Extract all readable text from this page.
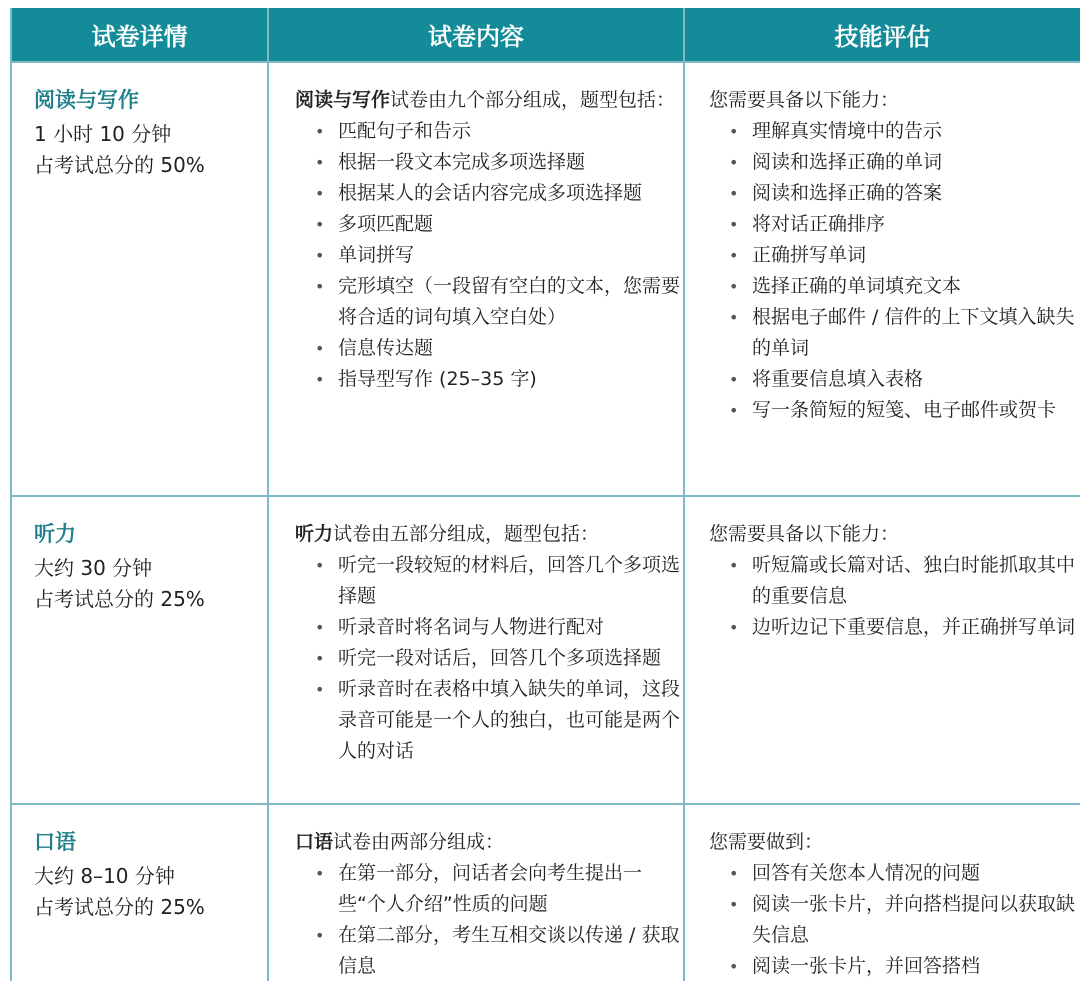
试卷详情	试卷内容	技能评估
阅读与写作
1 小时 10 分钟
占考试总分的 50%
阅读与写作试卷由九个部分组成，题型包括：
• 匹配句子和告示
• 根据一段文本完成多项选择题
• 根据某人的会话内容完成多项选择题
• 多项匹配题
• 单词拼写
• 完形填空（一段留有空白的文本，您需要将合适的词句填入空白处）
• 信息传达题
• 指导型写作 (25–35 字)
您需要具备以下能力：
• 理解真实情境中的告示
• 阅读和选择正确的单词
• 阅读和选择正确的答案
• 将对话正确排序
• 正确拼写单词
• 选择正确的单词填充文本
• 根据电子邮件 / 信件的上下文填入缺失的单词
• 将重要信息填入表格
• 写一条简短的短笺、电子邮件或贺卡
听力
大约 30 分钟
占考试总分的 25%
听力试卷由五部分组成，题型包括：
• 听完一段较短的材料后，回答几个多项选择题
• 听录音时将名词与人物进行配对
• 听完一段对话后，回答几个多项选择题
• 听录音时在表格中填入缺失的单词，这段录音可能是一个人的独白，也可能是两个人的对话
您需要具备以下能力：
• 听短篇或长篇对话、独白时能抓取其中的重要信息
• 边听边记下重要信息，并正确拼写单词
口语
大约 8–10 分钟
占考试总分的 25%
口语试卷由两部分组成：
• 在第一部分，问话者会向考生提出一些“个人介绍”性质的问题
• 在第二部分，考生互相交谈以传递 / 获取信息
您需要做到：
• 回答有关您本人情况的问题
• 阅读一张卡片，并向搭档提问以获取缺失信息
• 阅读一张卡片，并回答搭档
